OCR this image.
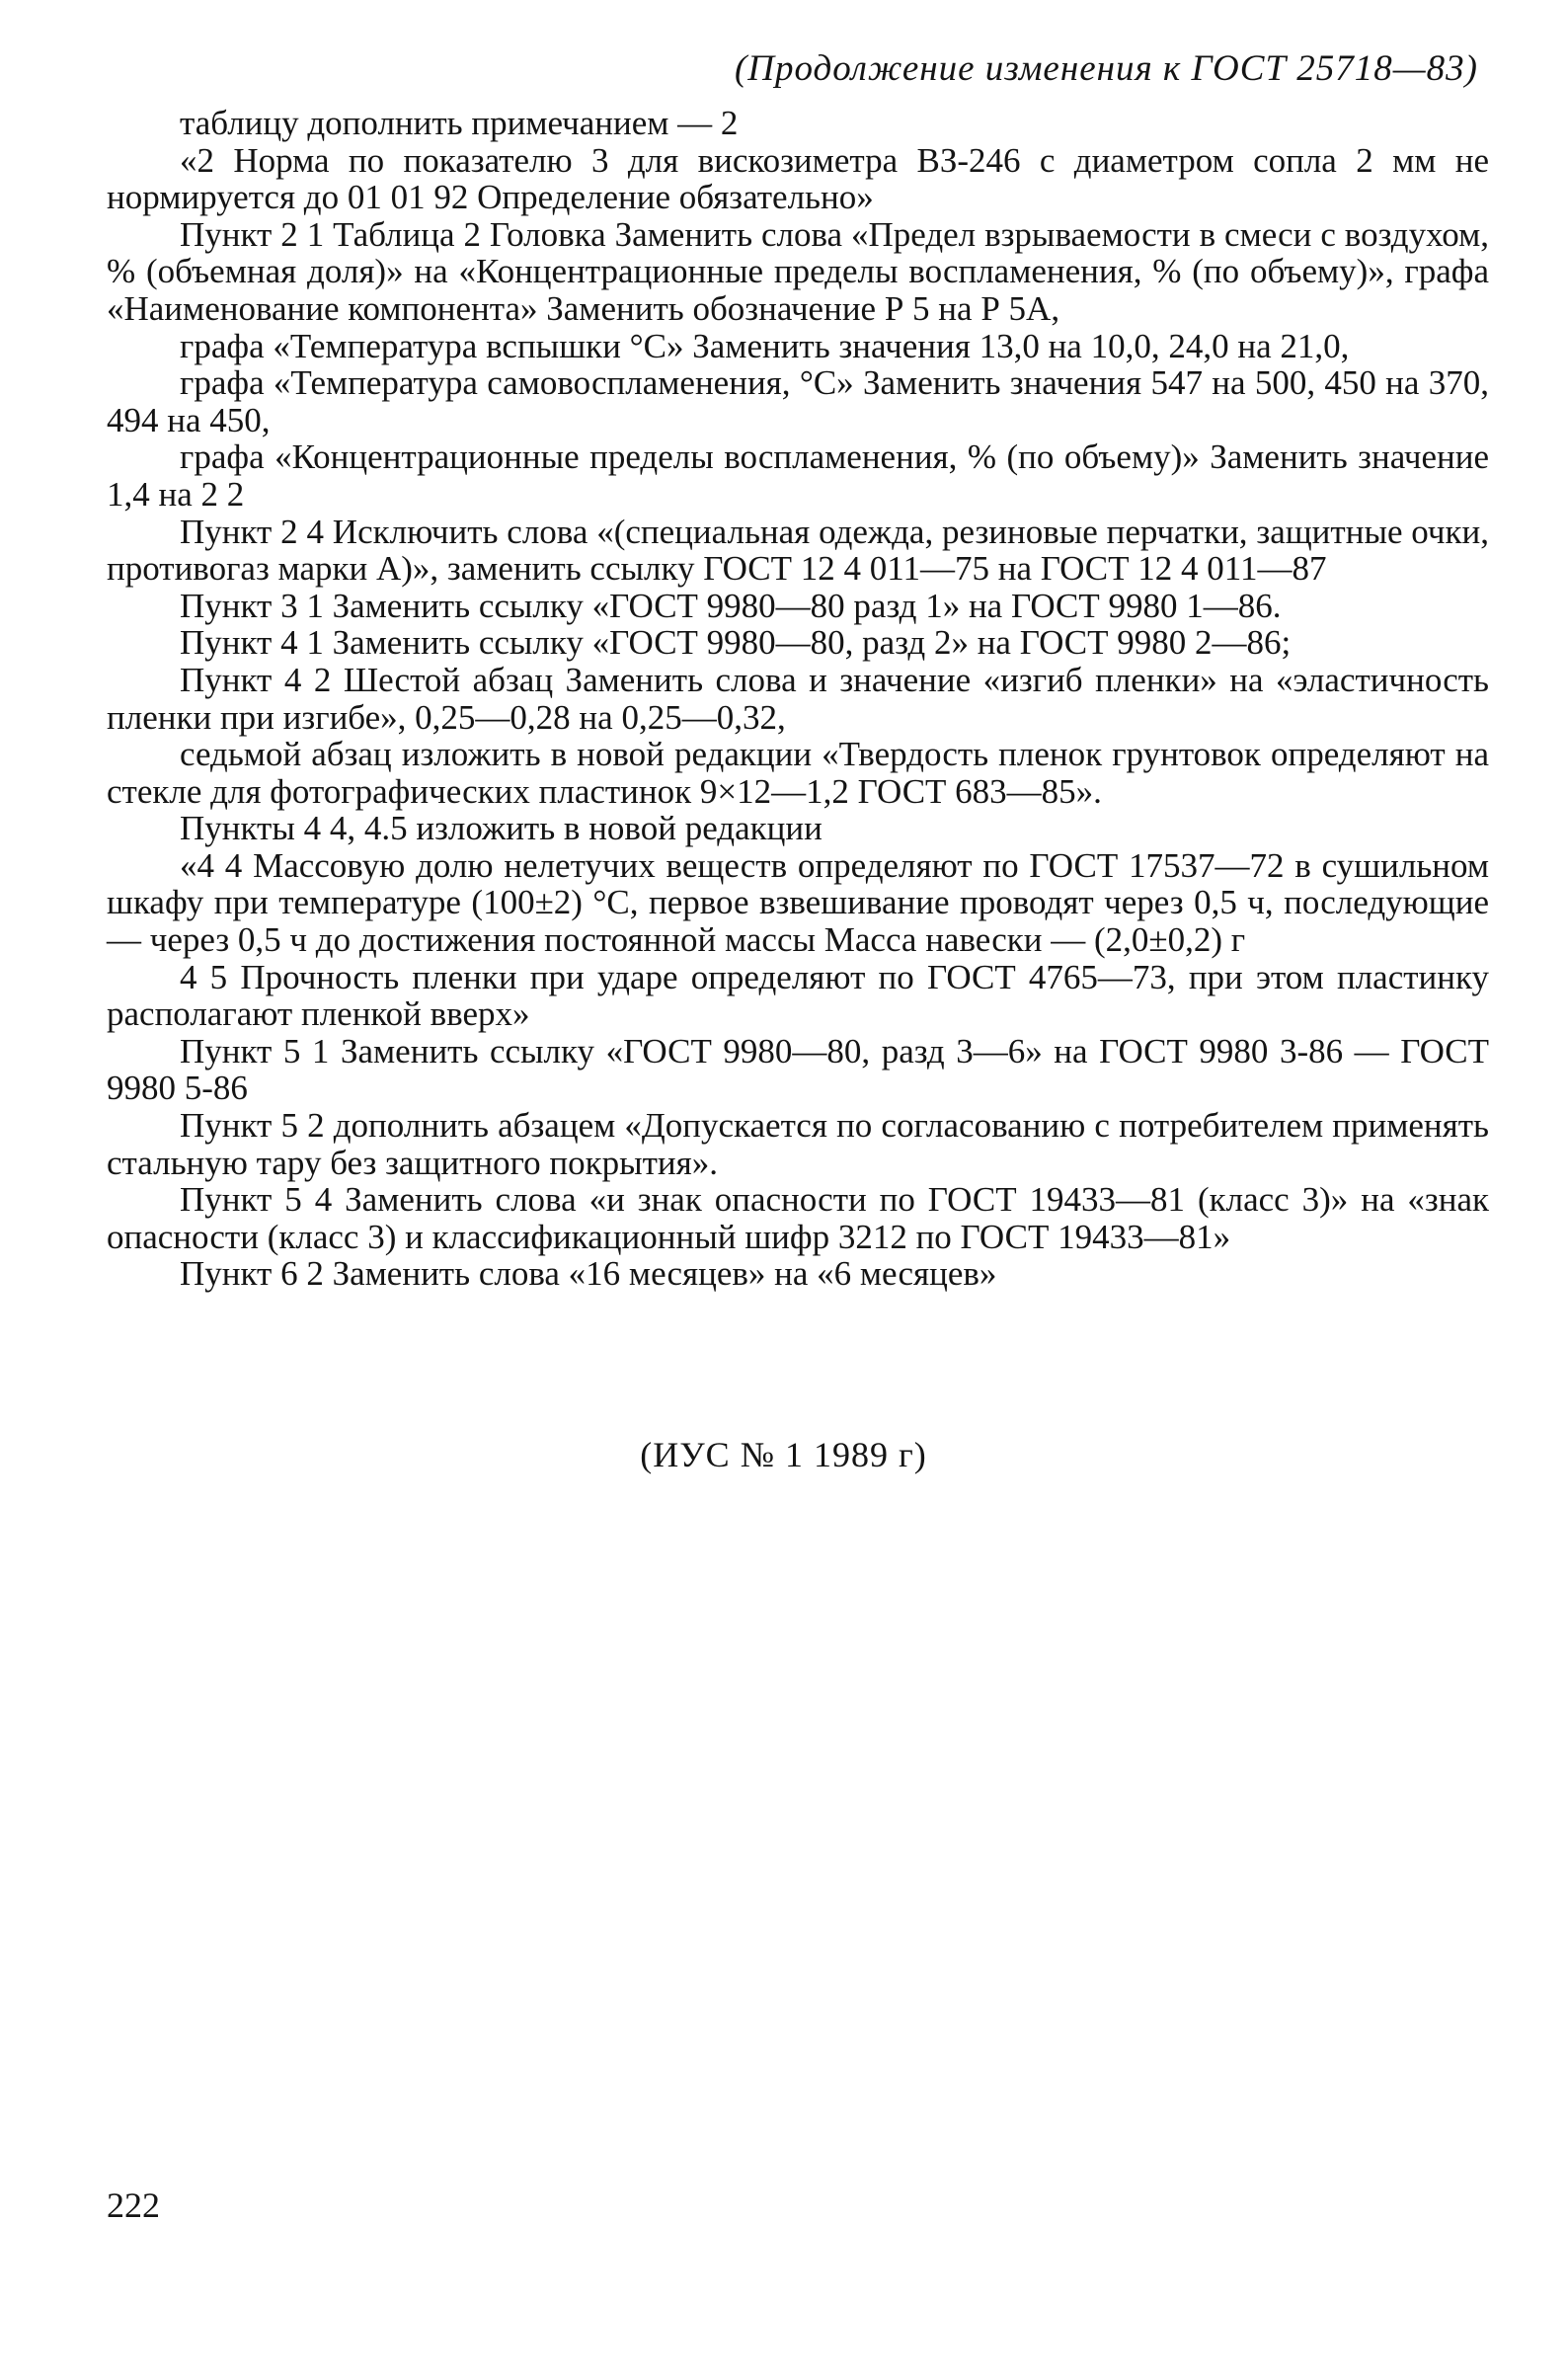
(Продолжение изменения к ГОСТ 25718—83)

таблицу дополнить примечанием — 2

«2 Норма по показателю 3 для вискозиметра ВЗ-246 с диаметром сопла 2 мм не нормируется до 01 01 92 Определение обязательно»

Пункт 2 1 Таблица 2 Головка Заменить слова «Предел взрываемости в смеси с воздухом, % (объемная доля)» на «Концентрационные пределы воспламенения, % (по объему)», графа «Наименование компонента» Заменить обозначение Р 5 на Р 5А,

графа «Температура вспышки °С» Заменить значения 13,0 на 10,0, 24,0 на 21,0,

графа «Температура самовоспламенения, °С» Заменить значения 547 на 500, 450 на 370, 494 на 450,

графа «Концентрационные пределы воспламенения, % (по объему)» Заменить значение 1,4 на 2 2

Пункт 2 4 Исключить слова «(специальная одежда, резиновые перчатки, защитные очки, противогаз марки А)», заменить ссылку ГОСТ 12 4 011—75 на ГОСТ 12 4 011—87

Пункт 3 1 Заменить ссылку «ГОСТ 9980—80 разд 1» на ГОСТ 9980 1—86.

Пункт 4 1 Заменить ссылку «ГОСТ 9980—80, разд 2» на ГОСТ 9980 2—86;

Пункт 4 2 Шестой абзац Заменить слова и значение «изгиб пленки» на «эластичность пленки при изгибе», 0,25—0,28 на 0,25—0,32,

седьмой абзац изложить в новой редакции «Твердость пленок грунтовок определяют на стекле для фотографических пластинок 9×12—1,2 ГОСТ 683—85».

Пункты 4 4, 4.5 изложить в новой редакции

«4 4 Массовую долю нелетучих веществ определяют по ГОСТ 17537—72 в сушильном шкафу при температуре (100±2) °С, первое взвешивание проводят через 0,5 ч, последующие — через 0,5 ч до достижения постоянной массы Масса навески — (2,0±0,2) г

4 5 Прочность пленки при ударе определяют по ГОСТ 4765—73, при этом пластинку располагают пленкой вверх»

Пункт 5 1 Заменить ссылку «ГОСТ 9980—80, разд 3—6» на ГОСТ 9980 3-86 — ГОСТ 9980 5-86

Пункт 5 2 дополнить абзацем «Допускается по согласованию с потребителем применять стальную тару без защитного покрытия».

Пункт 5 4 Заменить слова «и знак опасности по ГОСТ 19433—81 (класс 3)» на «знак опасности (класс 3) и классификационный шифр 3212 по ГОСТ 19433—81»

Пункт 6 2 Заменить слова «16 месяцев» на «6 месяцев»

(ИУС № 1 1989 г)
222
